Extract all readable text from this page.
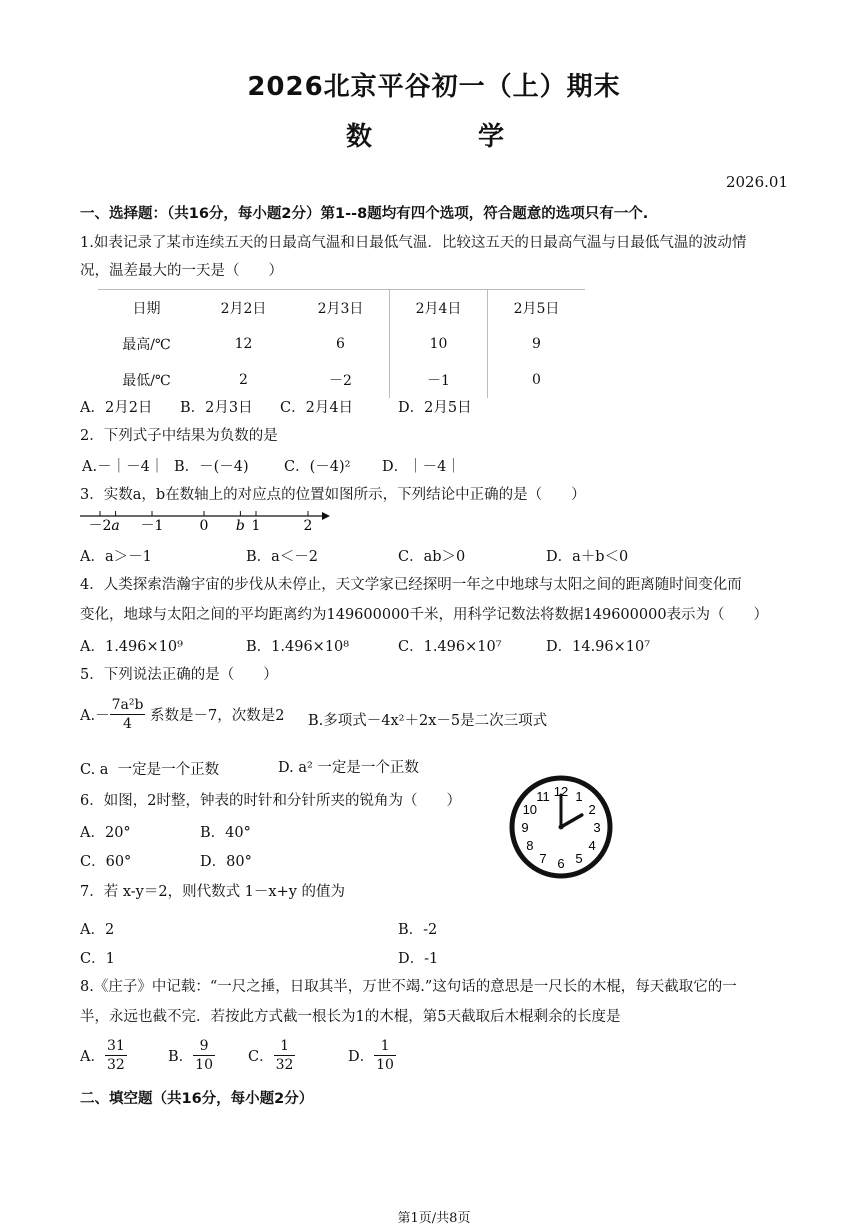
2026北京平谷初一（上）期末
数　　学
2026.01
一、选择题：（共16分，每小题2分）第1--8题均有四个选项，符合题意的选项只有一个.
1.如表记录了某市连续五天的日最高气温和日最低气温．比较这五天的日最高气温与日最低气温的波动情
况，温差最大的一天是（　　）
日期	2月2日	2月3日	2月4日	2月5日
最高/℃	12	6	10	9
最低/℃	2	－2	－1	0
A．2月2日 B．2月3日 C．2月4日	D．2月5日
2．下列式子中结果为负数的是
A.－｜－4｜ B．－(－4) C．(－4)² D．｜－4｜
3．实数a，b在数轴上的对应点的位置如图所示，下列结论中正确的是（　　）
－2 －1	0	1	2
a	b
A．a＞－1	B．a＜－2	C．ab＞0	D．a＋b＜0
4．人类探索浩瀚宇宙的步伐从未停止，天文学家已经探明一年之中地球与太阳之间的距离随时间变化而
变化，地球与太阳之间的平均距离约为149600000千米，用科学记数法将数据149600000表示为（　　）
A．1.496×10⁹	B．1.496×10⁸	C．1.496×10⁷	D．14.96×10⁷
5．下列说法正确的是（　　）
$A.- \frac{\text{7a²b}}{4}$ 系数是－7，次数是2 B.多项式－4x²＋2x－5是二次三项式
C. a  一定是一个正数	D. a² 一定是一个正数
6．如图，2时整，钟表的时针和分针所夹的锐角为（　　）
A．20°	B．40°
C．60°	D．80°
12 1
2
3
4
5
6
7
8
9
10
11
7．若 x-y＝2，则代数式 1－x+y 的值为
A．2	B．-2
C．1	D．-1
8.《庄子》中记载：“一尺之捶，日取其半，万世不竭.”这句话的意思是一尺长的木棍，每天截取它的一
半，永远也截不完．若按此方式截一根长为1的木棍，第5天截取后木棍剩余的长度是
A． $\frac{31}{32}$	B． $\frac{9}{10}$ C． $\frac{1}{32}$	D． $\frac{1}{10}$
二、填空题（共16分，每小题2分）
第1页/共8页
